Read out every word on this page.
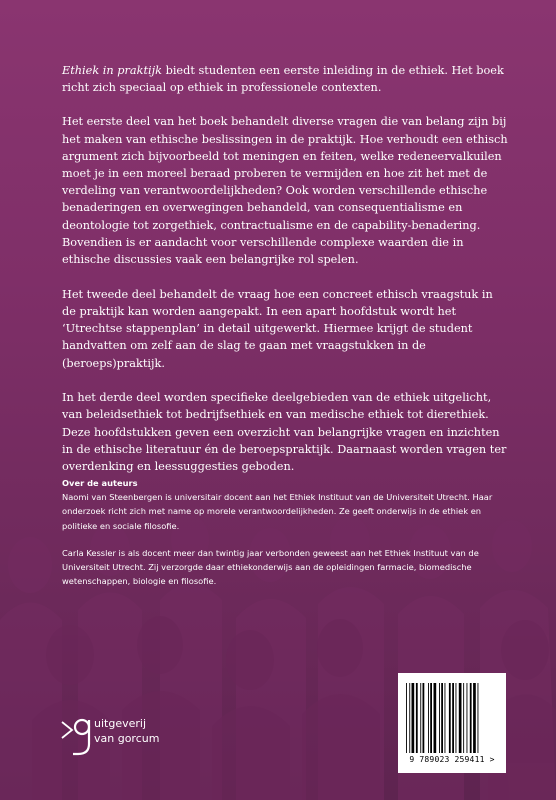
Ethiek in praktijk biedt studenten een eerste inleiding in de ethiek. Het boek richt zich speciaal op ethiek in professionele contexten.

Het eerste deel van het boek behandelt diverse vragen die van belang zijn bij het maken van ethische beslissingen in de praktijk. Hoe verhoudt een ethisch argument zich bijvoorbeeld tot meningen en feiten, welke redeneervalkuilen moet je in een moreel beraad proberen te vermijden en hoe zit het met de verdeling van verantwoordelijkheden? Ook worden verschillende ethische benaderingen en overwegingen behandeld, van consequentialisme en deontologie tot zorgethiek, contractualisme en de capability-benadering. Bovendien is er aandacht voor verschillende complexe waarden die in ethische discussies vaak een belangrijke rol spelen.

Het tweede deel behandelt de vraag hoe een concreet ethisch vraagstuk in de praktijk kan worden aangepakt. In een apart hoofdstuk wordt het ‘Utrechtse stappenplan’ in detail uitgewerkt. Hiermee krijgt de student handvatten om zelf aan de slag te gaan met vraagstukken in de (beroeps)praktijk.

In het derde deel worden specifieke deelgebieden van de ethiek uitgelicht, van beleidsethiek tot bedrijfsethiek en van medische ethiek tot dierethiek. Deze hoofdstukken geven een overzicht van belangrijke vragen en inzichten in de ethische literatuur én de beroepspraktijk. Daarnaast worden vragen ter overdenking en leessuggesties geboden.

Over de auteurs

Naomi van Steenbergen is universitair docent aan het Ethiek Instituut van de Universiteit Utrecht. Haar onderzoek richt zich met name op morele verantwoordelijkheden. Ze geeft onderwijs in de ethiek en politieke en sociale filosofie.

Carla Kessler is als docent meer dan twintig jaar verbonden geweest aan het Ethiek Instituut van de Universiteit Utrecht. Zij verzorgde daar ethiekonderwijs aan de opleidingen farmacie, biomedische wetenschappen, biologie en filosofie.

uitgeverij
van gorcum
9 789023 259411 >
